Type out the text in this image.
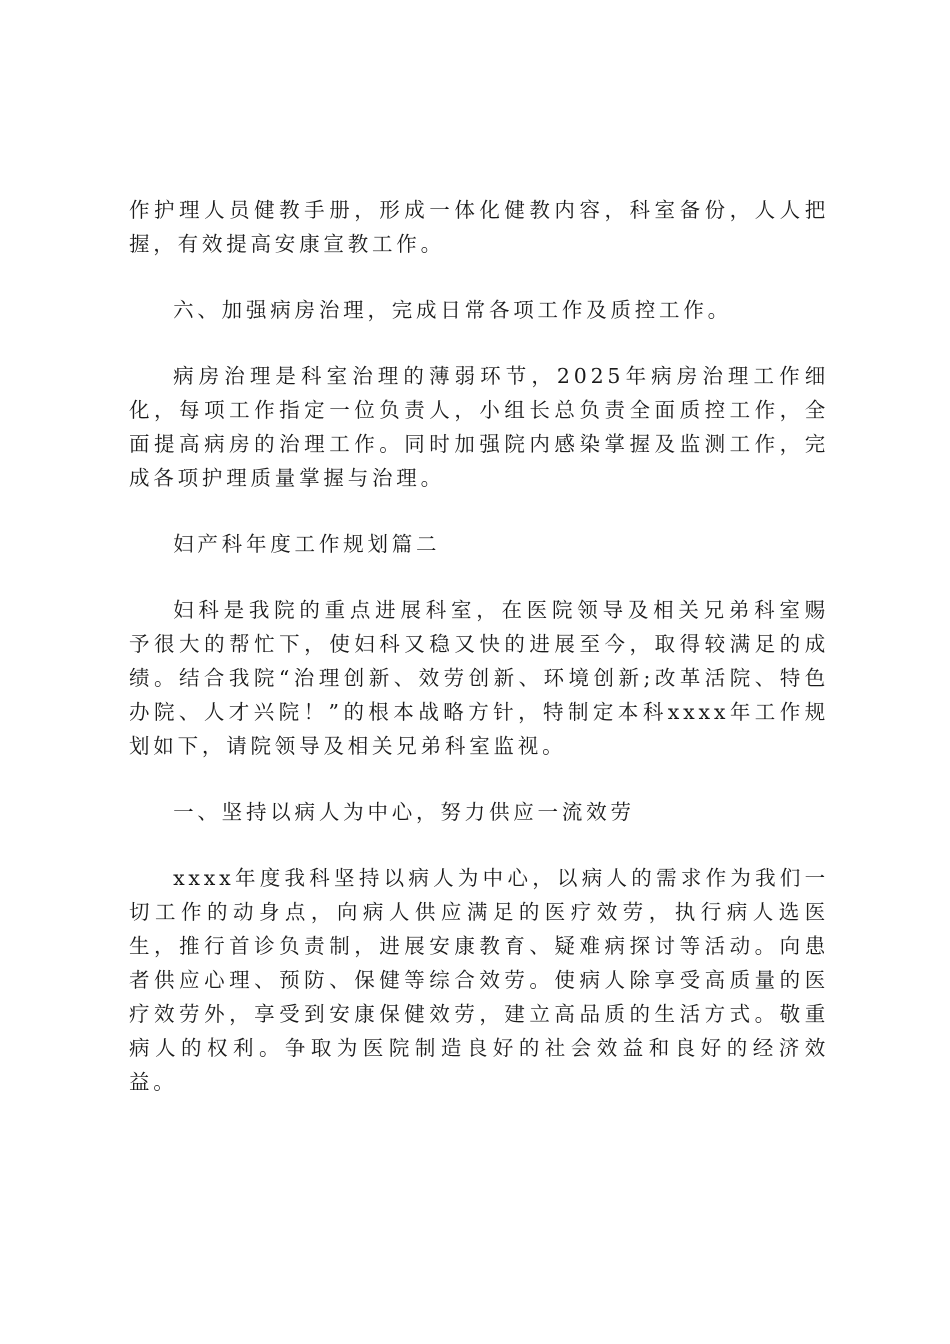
作护理人员健教手册，形成一体化健教内容，科室备份，人人把握，有效提高安康宣教工作。

六、加强病房治理，完成日常各项工作及质控工作。

病房治理是科室治理的薄弱环节，2025年病房治理工作细化，每项工作指定一位负责人，小组长总负责全面质控工作，全面提高病房的治理工作。同时加强院内感染掌握及监测工作，完成各项护理质量掌握与治理。

妇产科年度工作规划篇二

妇科是我院的重点进展科室，在医院领导及相关兄弟科室赐予很大的帮忙下，使妇科又稳又快的进展至今，取得较满足的成绩。结合我院“治理创新、效劳创新、环境创新;改革活院、特色办院、人才兴院！”的根本战略方针，特制定本科xxxx年工作规划如下，请院领导及相关兄弟科室监视。

一、坚持以病人为中心，努力供应一流效劳

xxxx年度我科坚持以病人为中心，以病人的需求作为我们一切工作的动身点，向病人供应满足的医疗效劳，执行病人选医生，推行首诊负责制，进展安康教育、疑难病探讨等活动。向患者供应心理、预防、保健等综合效劳。使病人除享受高质量的医疗效劳外，享受到安康保健效劳，建立高品质的生活方式。敬重病人的权利。争取为医院制造良好的社会效益和良好的经济效益。
